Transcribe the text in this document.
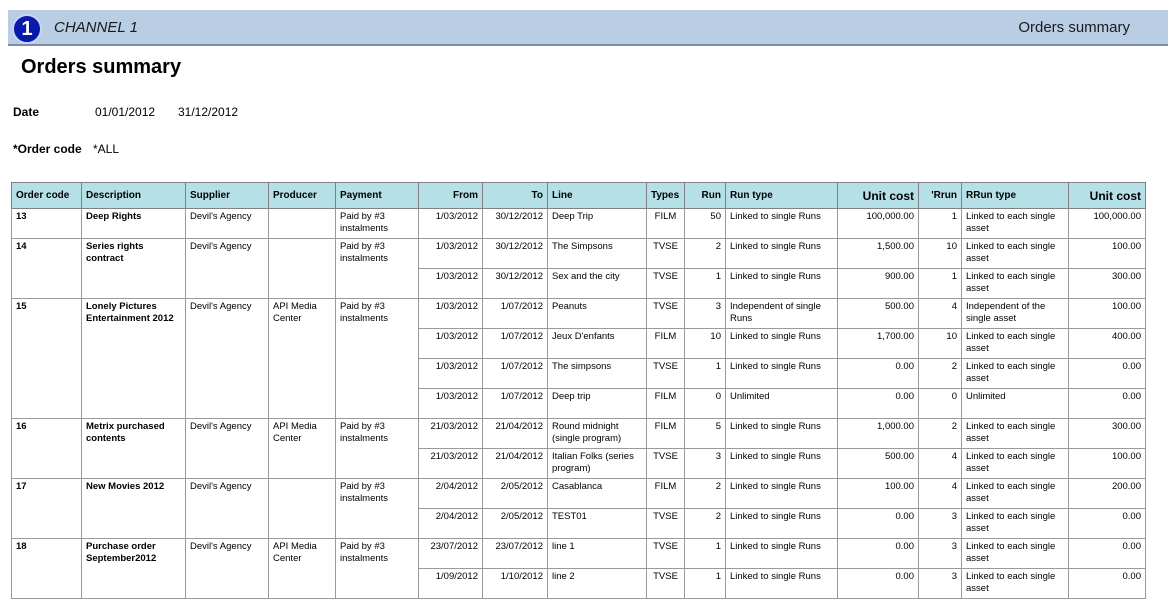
1	CHANNEL 1	Orders summary
Orders summary
Date	01/01/2012 31/12/2012
*Order code *ALL
Order code	Description	Supplier	Producer	Payment	From	To	Line	Types	Run	Run type	Unit cost	'Rrun	RRun type	Unit cost
13	Deep Rights	Devil's Agency		Paid by #3 instalments	1/03/2012	30/12/2012	Deep Trip	FILM	50	Linked to single Runs	100,000.00	1	Linked to each single asset	100,000.00
14	Series rights contract	Devil's Agency		Paid by #3 instalments	1/03/2012	30/12/2012	The Simpsons	TVSE	2	Linked to single Runs	1,500.00	10	Linked to each single asset	100.00
					1/03/2012	30/12/2012	Sex and the city	TVSE	1	Linked to single Runs	900.00	1	Linked to each single asset	300.00
15	Lonely Pictures Entertainment 2012	Devil's Agency	API Media Center	Paid by #3 instalments	1/03/2012	1/07/2012	Peanuts	TVSE	3	Independent of single Runs	500.00	4	Independent of the single asset	100.00
					1/03/2012	1/07/2012	Jeux D'enfants	FILM	10	Linked to single Runs	1,700.00	10	Linked to each single asset	400.00
					1/03/2012	1/07/2012	The simpsons	TVSE	1	Linked to single Runs	0.00	2	Linked to each single asset	0.00
					1/03/2012	1/07/2012	Deep trip	FILM	0	Unlimited	0.00	0	Unlimited	0.00
16	Metrix purchased contents	Devil's Agency	API Media Center	Paid by #3 instalments	21/03/2012	21/04/2012	Round midnight (single program)	FILM	5	Linked to single Runs	1,000.00	2	Linked to each single asset	300.00
					21/03/2012	21/04/2012	Italian Folks (series program)	TVSE	3	Linked to single Runs	500.00	4	Linked to each single asset	100.00
17	New Movies 2012	Devil's Agency		Paid by #3 instalments	2/04/2012	2/05/2012	Casablanca	FILM	2	Linked to single Runs	100.00	4	Linked to each single asset	200.00
					2/04/2012	2/05/2012	TEST01	TVSE	2	Linked to single Runs	0.00	3	Linked to each single asset	0.00
18	Purchase order September2012	Devil's Agency	API Media Center	Paid by #3 instalments	23/07/2012	23/07/2012	line 1	TVSE	1	Linked to single Runs	0.00	3	Linked to each single asset	0.00
					1/09/2012	1/10/2012	line 2	TVSE	1	Linked to single Runs	0.00	3	Linked to each single asset	0.00
